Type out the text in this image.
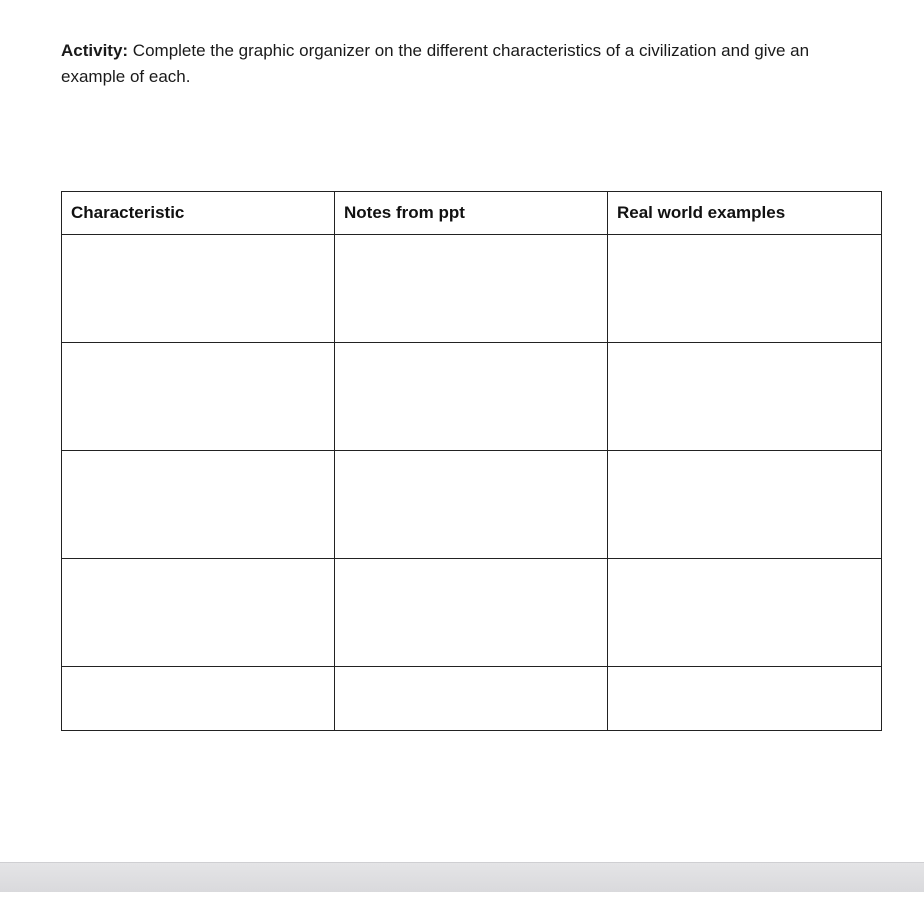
Activity: Complete the graphic organizer on the different characteristics of a civilization and give an example of each.

Characteristic	Notes from ppt	Real world examples
